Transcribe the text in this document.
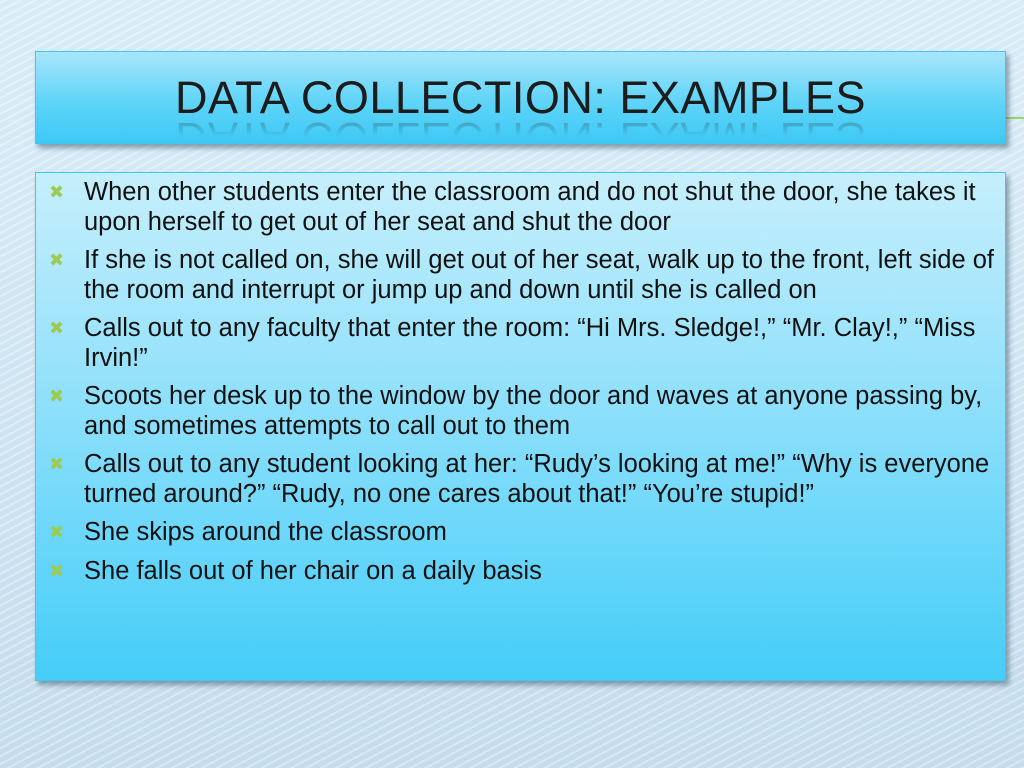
DATA COLLECTION: EXAMPLES
✖ When other students enter the classroom and do not shut the door, she takes it upon herself to get out of her seat and shut the door
✖ If she is not called on, she will get out of her seat, walk up to the front, left side of the room and interrupt or jump up and down until she is called on
✖ Calls out to any faculty that enter the room: “Hi Mrs. Sledge!,” “Mr. Clay!,” “Miss Irvin!”
✖ Scoots her desk up to the window by the door and waves at anyone passing by, and sometimes attempts to call out to them
✖ Calls out to any student looking at her: “Rudy’s looking at me!” “Why is everyone turned around?” “Rudy, no one cares about that!” “You’re stupid!”
✖ She skips around the classroom
✖ She falls out of her chair on a daily basis
